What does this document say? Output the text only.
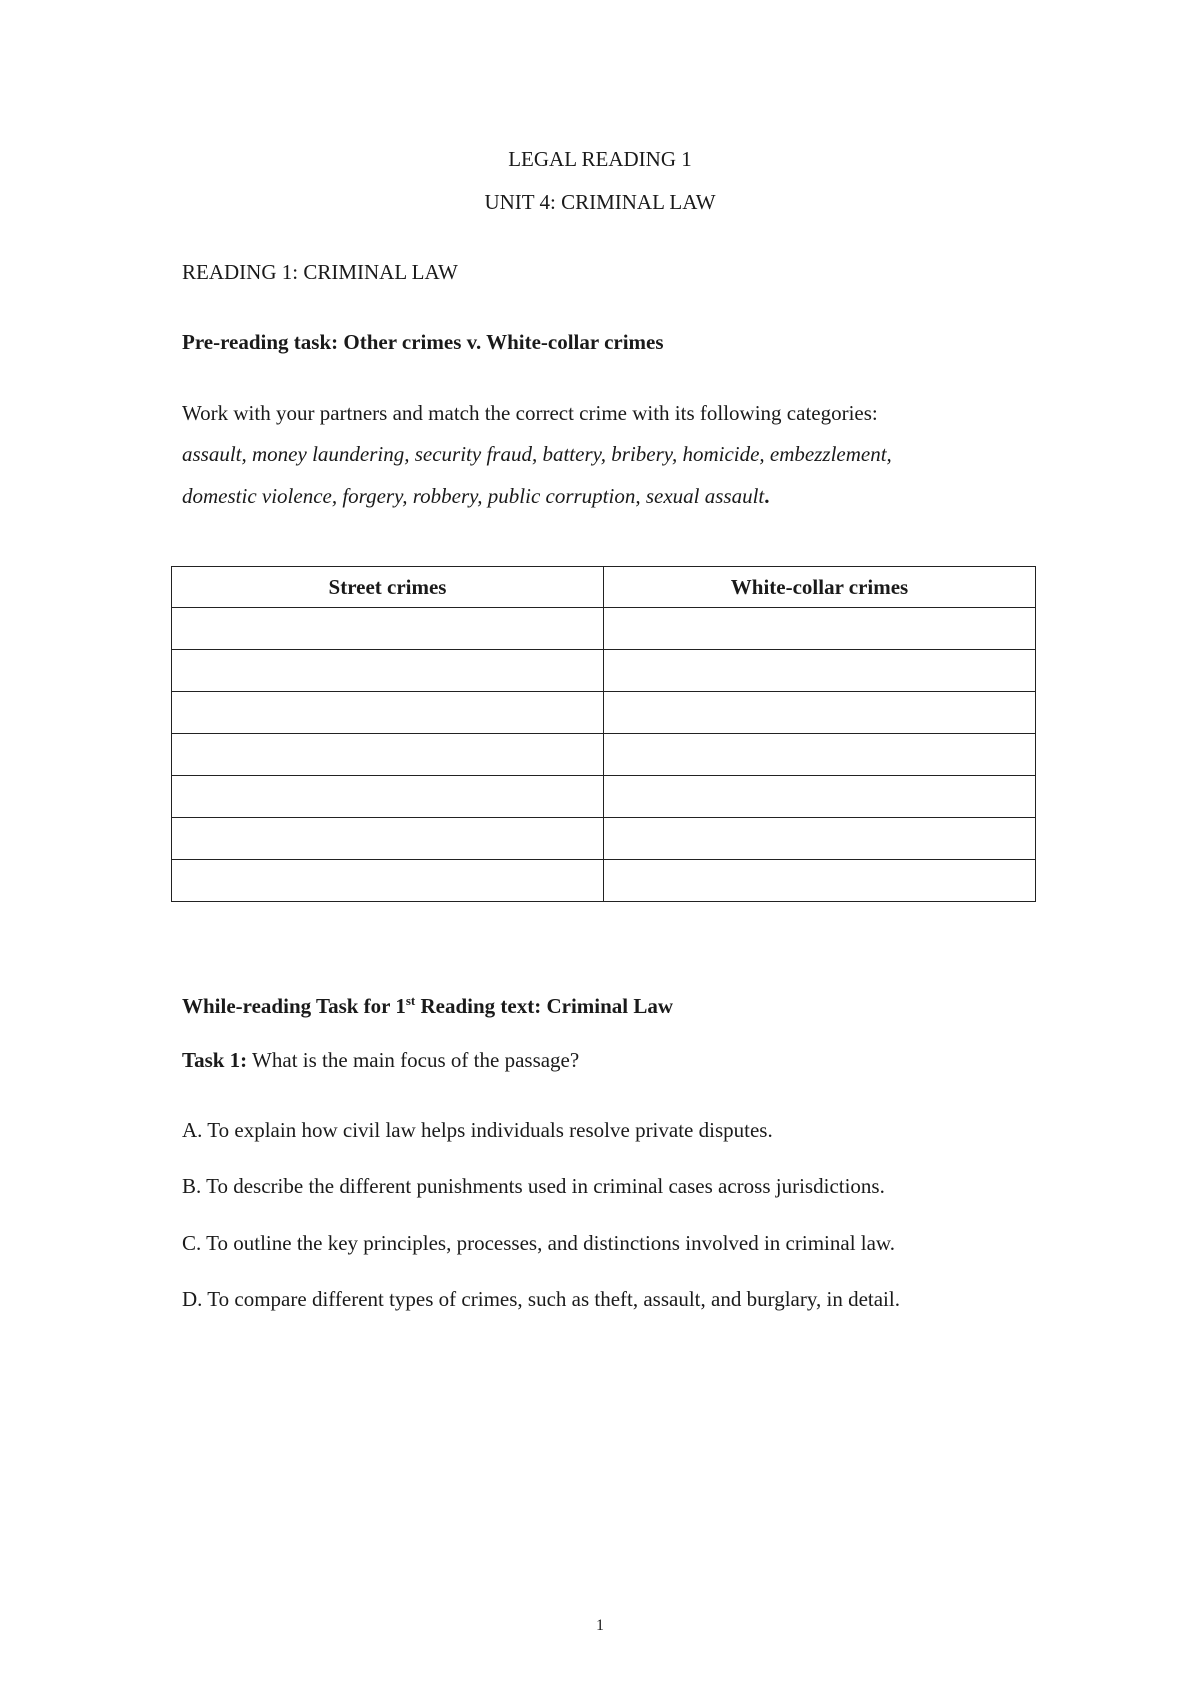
LEGAL READING 1
UNIT 4: CRIMINAL LAW
READING 1: CRIMINAL LAW
Pre-reading task: Other crimes v. White-collar crimes
Work with your partners and match the correct crime with its following categories:
assault, money laundering, security fraud, battery, bribery, homicide, embezzlement,
domestic violence, forgery, robbery, public corruption, sexual assault.
Street crimes	White-collar crimes

While-reading Task for 1st Reading text: Criminal Law
Task 1: What is the main focus of the passage?
A. To explain how civil law helps individuals resolve private disputes.
B. To describe the different punishments used in criminal cases across jurisdictions.
C. To outline the key principles, processes, and distinctions involved in criminal law.
D. To compare different types of crimes, such as theft, assault, and burglary, in detail.
1
